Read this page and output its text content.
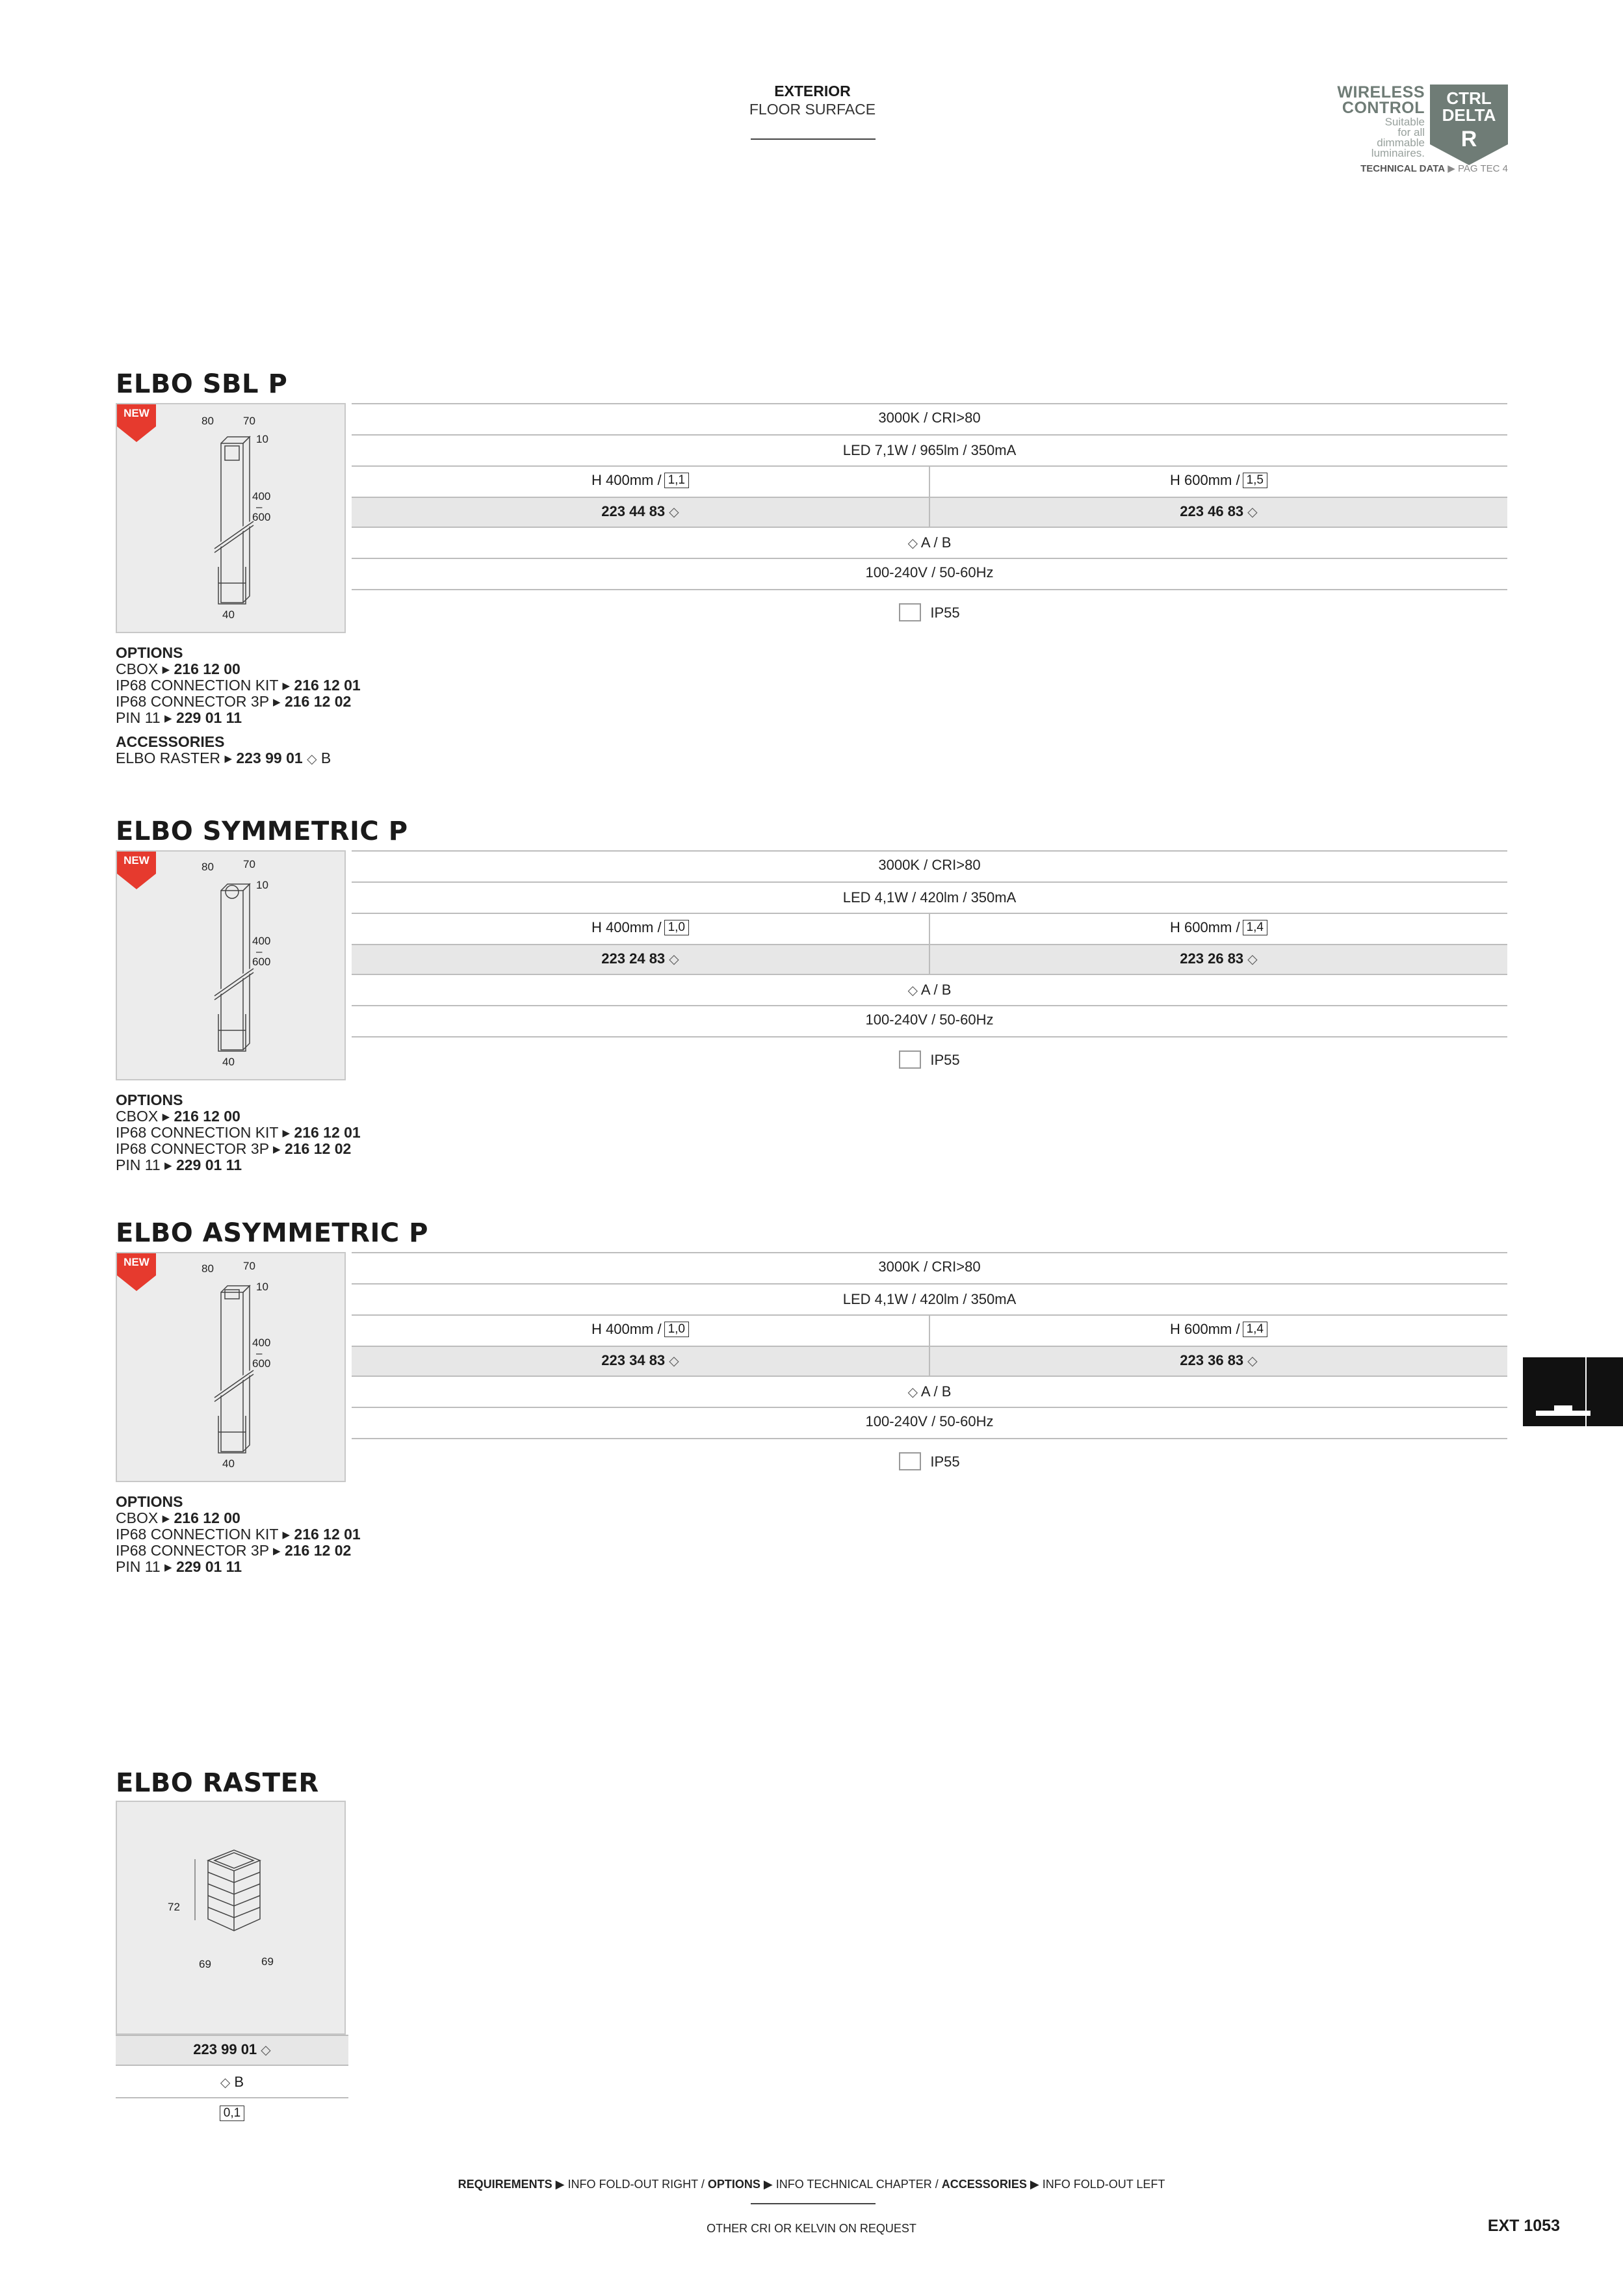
EXTERIOR
FLOOR SURFACE
WIRELESS
CONTROL
Suitable
for all
dimmable
luminaires.
CTRL
DELTA
R
TECHNICAL DATA ▶ PAG TEC 4
ELBO SBL P
NEW
80	70
10
400
–
600
40
3000K / CRI>80
LED 7,1W / 965lm / 350mA
H 400mm / 1,1	H 600mm / 1,5
223 44 83 ◇	223 46 83 ◇
◇ A / B
100-240V / 50-60Hz
IP55
OPTIONS
CBOX ▸ 216 12 00
IP68 CONNECTION KIT ▸ 216 12 01
IP68 CONNECTOR 3P ▸ 216 12 02
PIN 11 ▸ 229 01 11
ACCESSORIES
ELBO RASTER ▸ 223 99 01 ◇ B
ELBO SYMMETRIC P
NEW
80	70
10
400
–
600
40
3000K / CRI>80
LED 4,1W / 420lm / 350mA
H 400mm / 1,0	H 600mm / 1,4
223 24 83 ◇	223 26 83 ◇
◇ A / B
100-240V / 50-60Hz
IP55
OPTIONS
CBOX ▸ 216 12 00
IP68 CONNECTION KIT ▸ 216 12 01
IP68 CONNECTOR 3P ▸ 216 12 02
PIN 11 ▸ 229 01 11
ELBO ASYMMETRIC P
NEW
80	70
10
400
–
600
40
3000K / CRI>80
LED 4,1W / 420lm / 350mA
H 400mm / 1,0	H 600mm / 1,4
223 34 83 ◇	223 36 83 ◇
◇ A / B
100-240V / 50-60Hz
IP55
OPTIONS
CBOX ▸ 216 12 00
IP68 CONNECTION KIT ▸ 216 12 01
IP68 CONNECTOR 3P ▸ 216 12 02
PIN 11 ▸ 229 01 11
ELBO RASTER
72
69	69
223 99 01 ◇
◇ B
0,1
REQUIREMENTS ▶ INFO FOLD-OUT RIGHT / OPTIONS ▶ INFO TECHNICAL CHAPTER / ACCESSORIES ▶ INFO FOLD-OUT LEFT
OTHER CRI OR KELVIN ON REQUEST	EXT 1053
